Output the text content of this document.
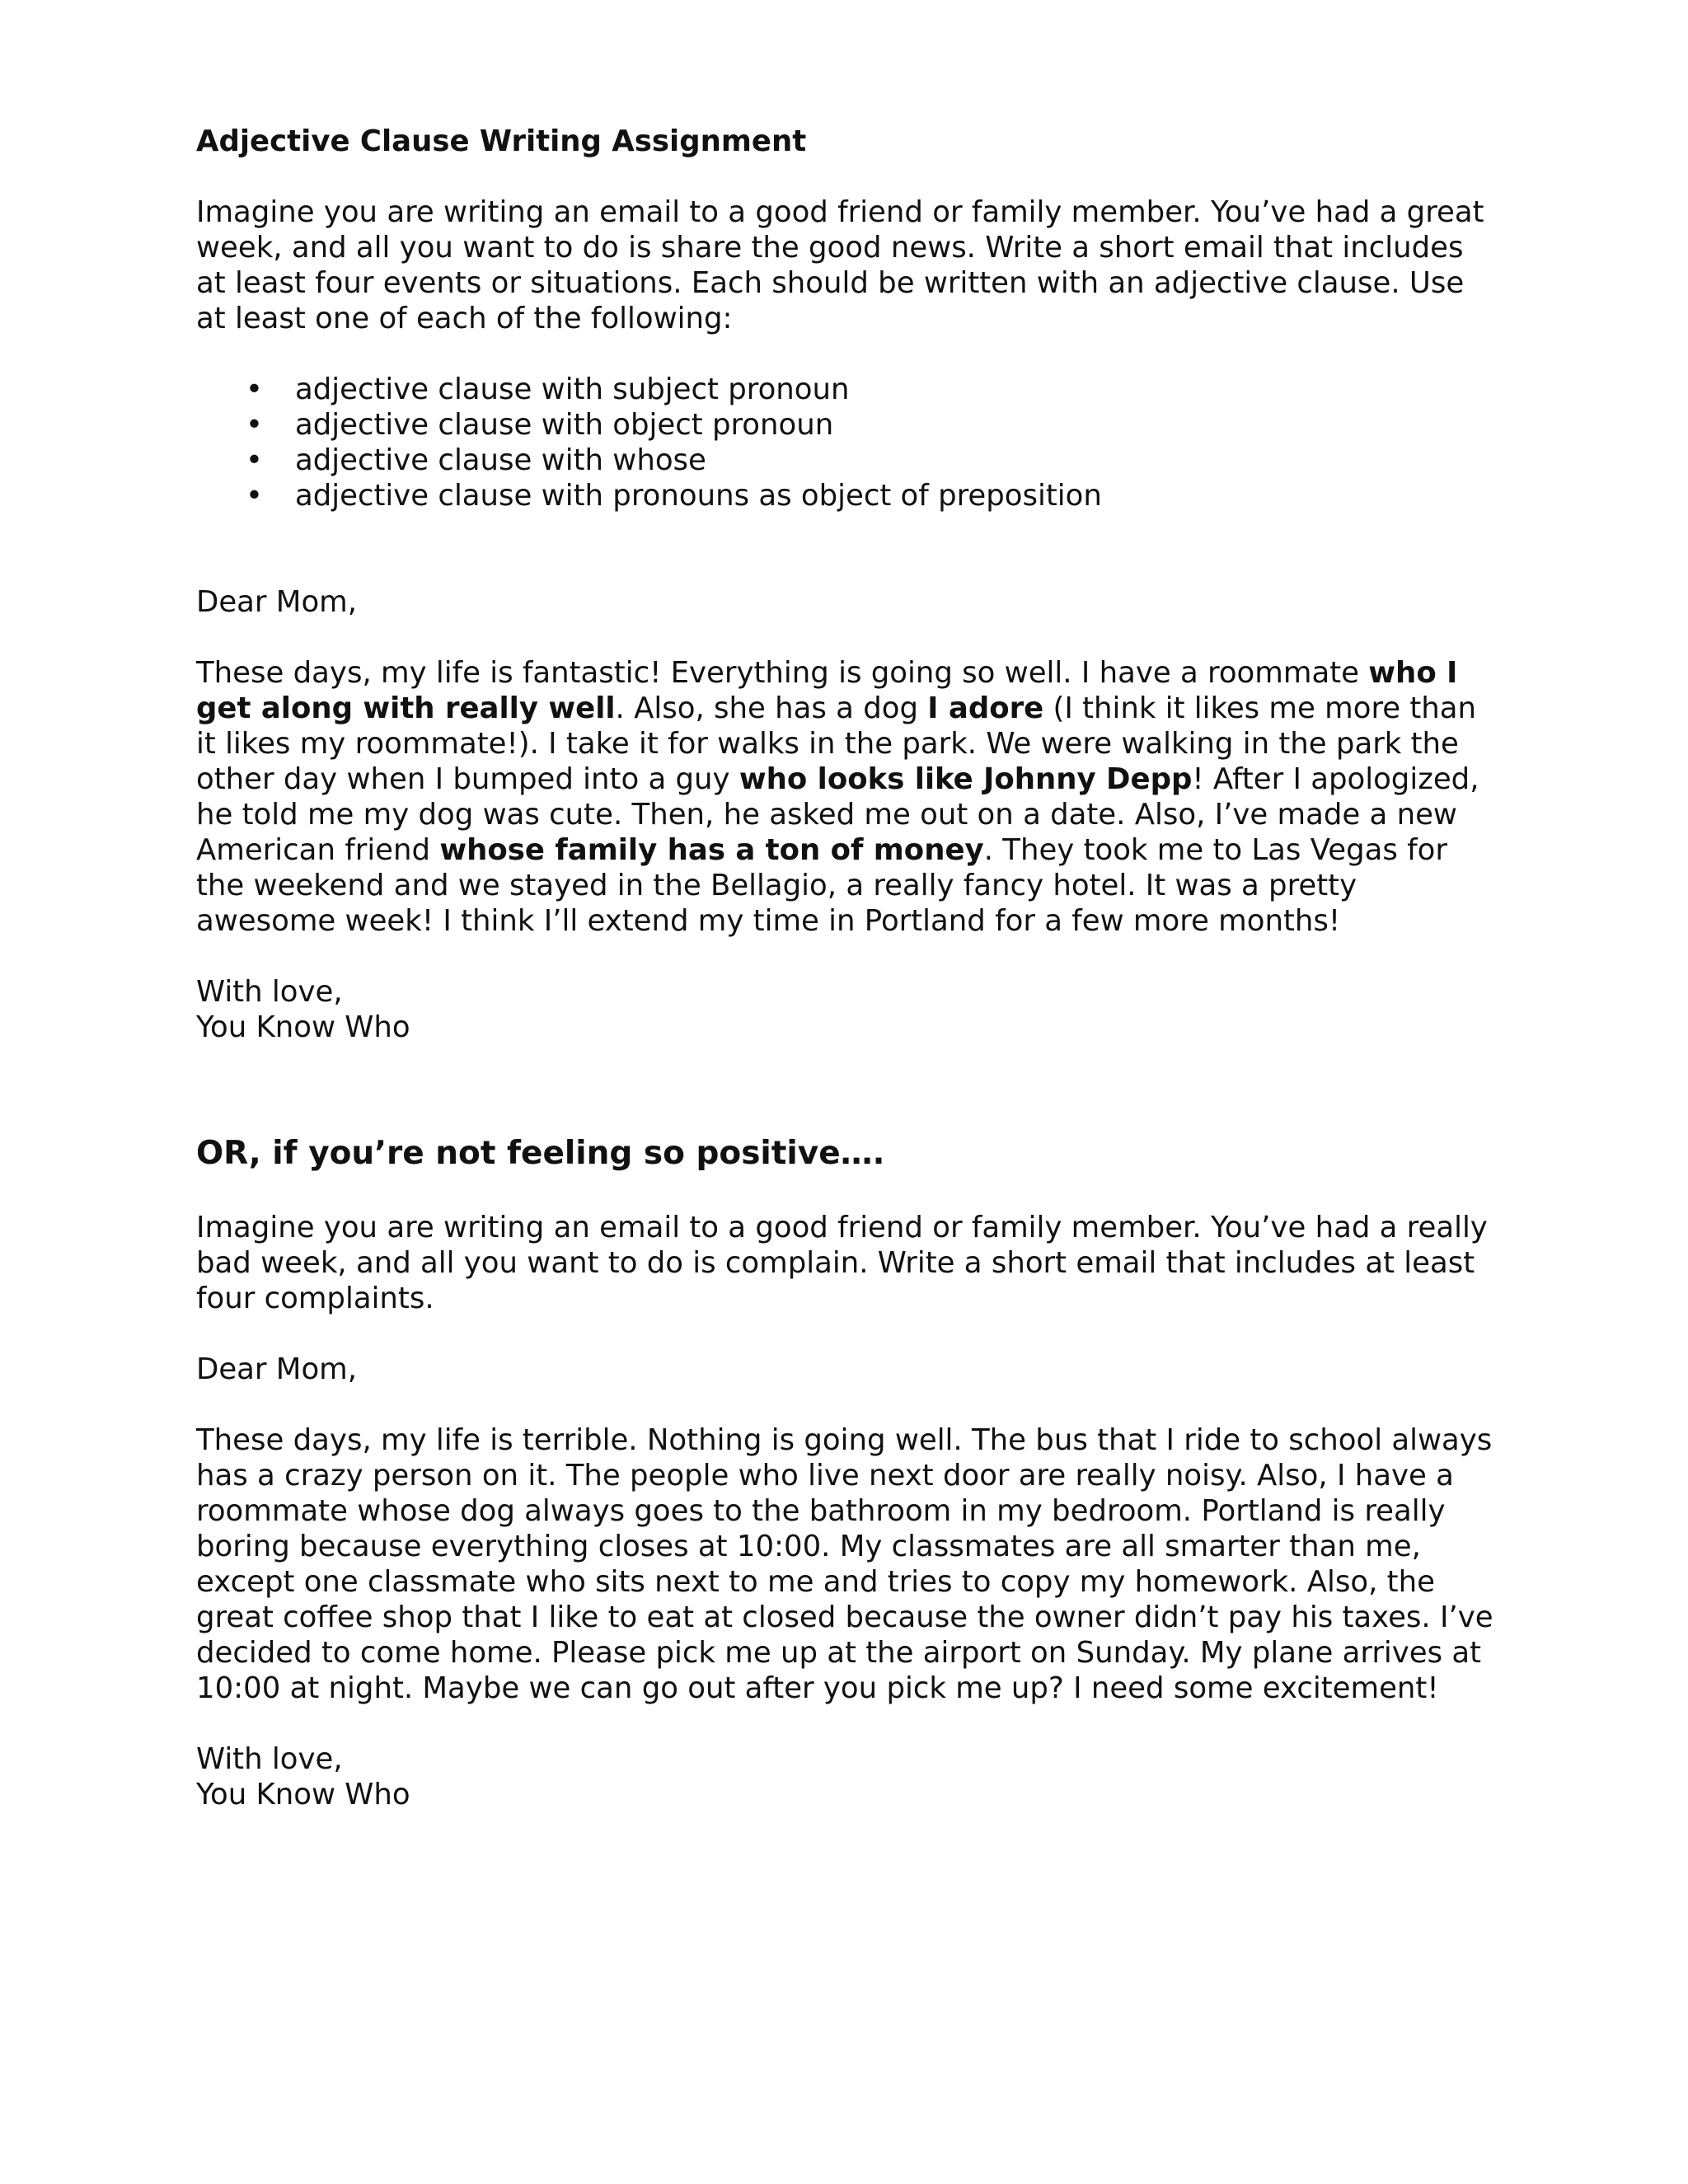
Adjective Clause Writing Assignment

Imagine you are writing an email to a good friend or family member. You’ve had a great week, and all you want to do is share the good news. Write a short email that includes at least four events or situations. Each should be written with an adjective clause. Use at least one of each of the following:

• adjective clause with subject pronoun
• adjective clause with object pronoun
• adjective clause with whose
• adjective clause with pronouns as object of preposition

Dear Mom,

These days, my life is fantastic! Everything is going so well. I have a roommate who I get along with really well. Also, she has a dog I adore (I think it likes me more than it likes my roommate!). I take it for walks in the park. We were walking in the park the other day when I bumped into a guy who looks like Johnny Depp! After I apologized, he told me my dog was cute. Then, he asked me out on a date. Also, I’ve made a new American friend whose family has a ton of money. They took me to Las Vegas for the weekend and we stayed in the Bellagio, a really fancy hotel. It was a pretty awesome week! I think I’ll extend my time in Portland for a few more months!

With love,

You Know Who

OR, if you’re not feeling so positive….

Imagine you are writing an email to a good friend or family member. You’ve had a really bad week, and all you want to do is complain. Write a short email that includes at least four complaints.

Dear Mom,

These days, my life is terrible. Nothing is going well. The bus that I ride to school always has a crazy person on it. The people who live next door are really noisy. Also, I have a roommate whose dog always goes to the bathroom in my bedroom. Portland is really boring because everything closes at 10:00. My classmates are all smarter than me, except one classmate who sits next to me and tries to copy my homework. Also, the great coffee shop that I like to eat at closed because the owner didn’t pay his taxes. I’ve decided to come home. Please pick me up at the airport on Sunday. My plane arrives at 10:00 at night. Maybe we can go out after you pick me up? I need some excitement!

With love,

You Know Who
